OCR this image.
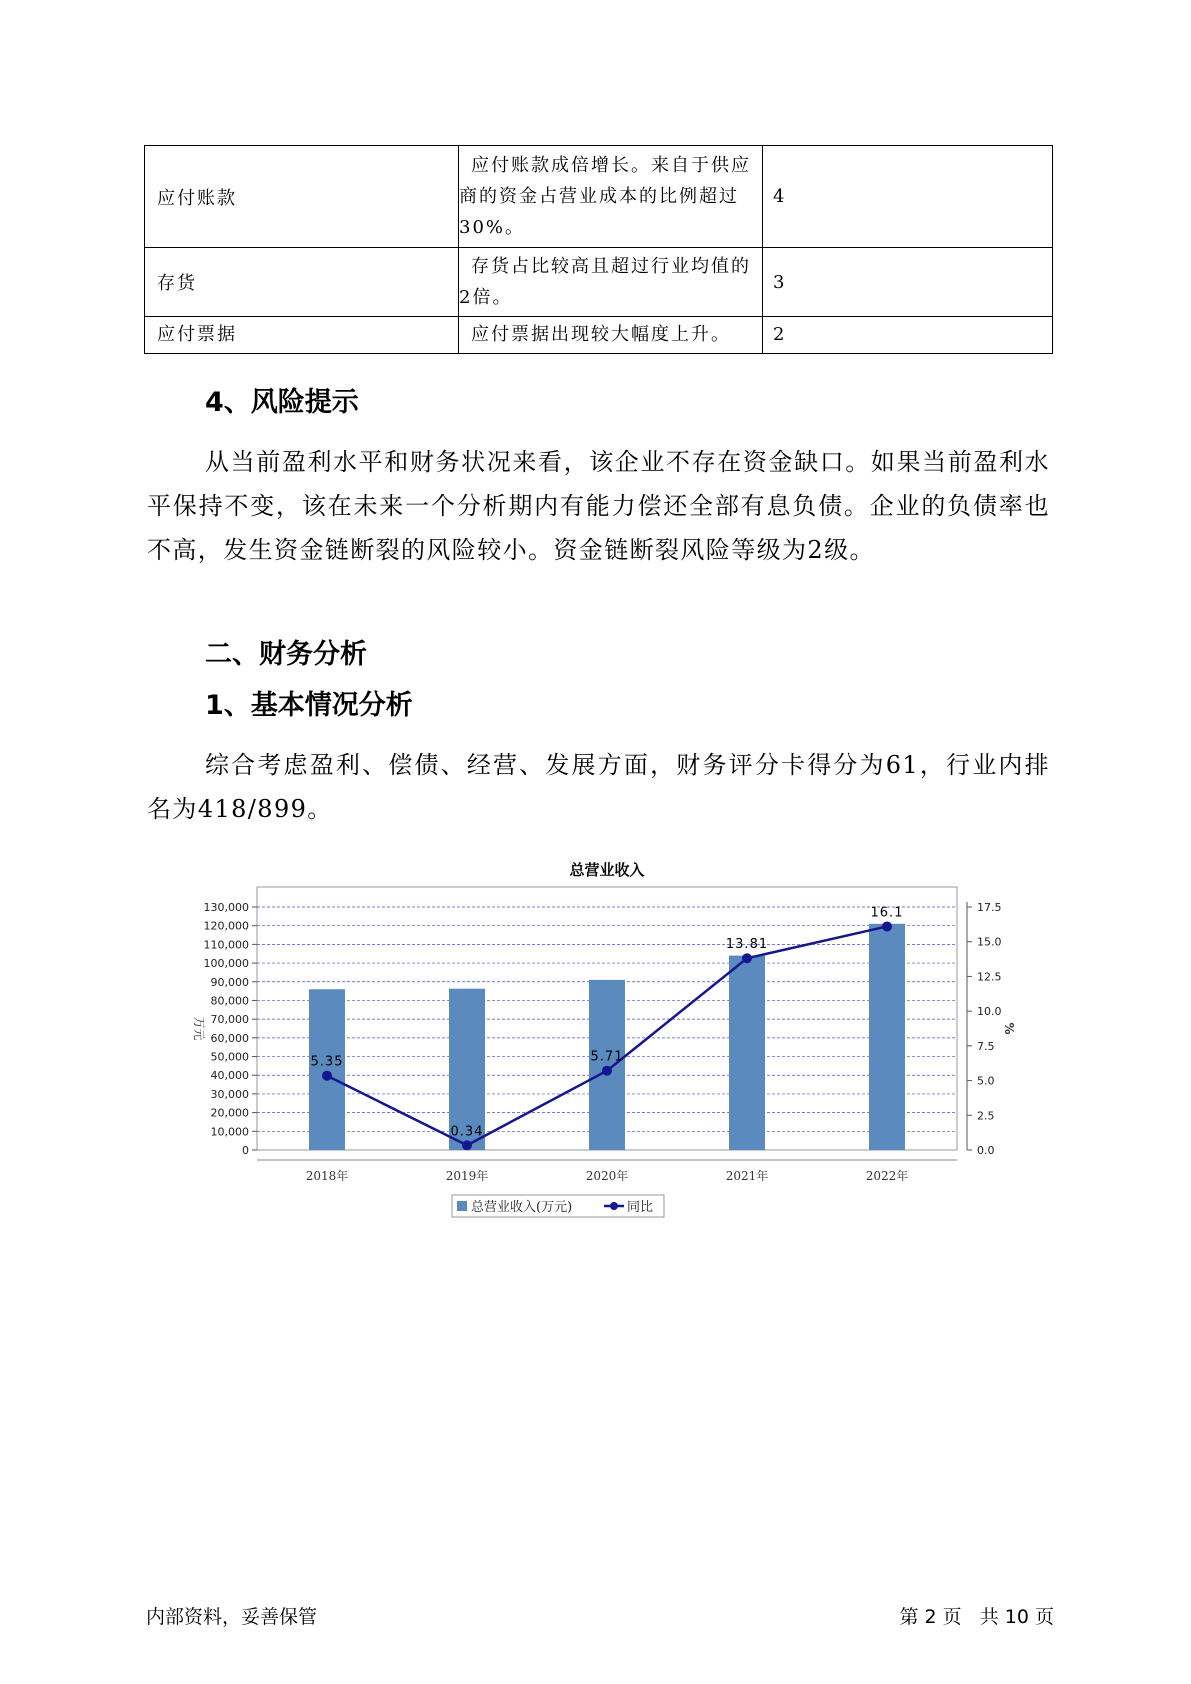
应付账款	应付账款成倍增长。来自于供应商的资金占营业成本的比例超过30%。	4
存货	存货占比较高且超过行业均值的2倍。	3
应付票据	应付票据出现较大幅度上升。	2
4、风险提示

从当前盈利水平和财务状况来看，该企业不存在资金缺口。如果当前盈利水平保持不变，该在未来一个分析期内有能力偿还全部有息负债。企业的负债率也不高，发生资金链断裂的风险较小。资金链断裂风险等级为2级。

二、财务分析
1、基本情况分析

综合考虑盈利、偿债、经营、发展方面，财务评分卡得分为61，行业内排名为418/899。

总营业收入
0
10,000
20,000
30,000
40,000
50,000
60,000
70,000
80,000
90,000
100,000
110,000
120,000
130,000
0.0
2.5
5.0
7.5
10.0
12.5
15.0
17.5
万元	%
2018年	2019年	2020年	2021年	2022年
5.35
0.34
5.71
13.81
16.1
总营业收入(万元)	同比
内部资料，妥善保管	第 2 页   共 10 页
